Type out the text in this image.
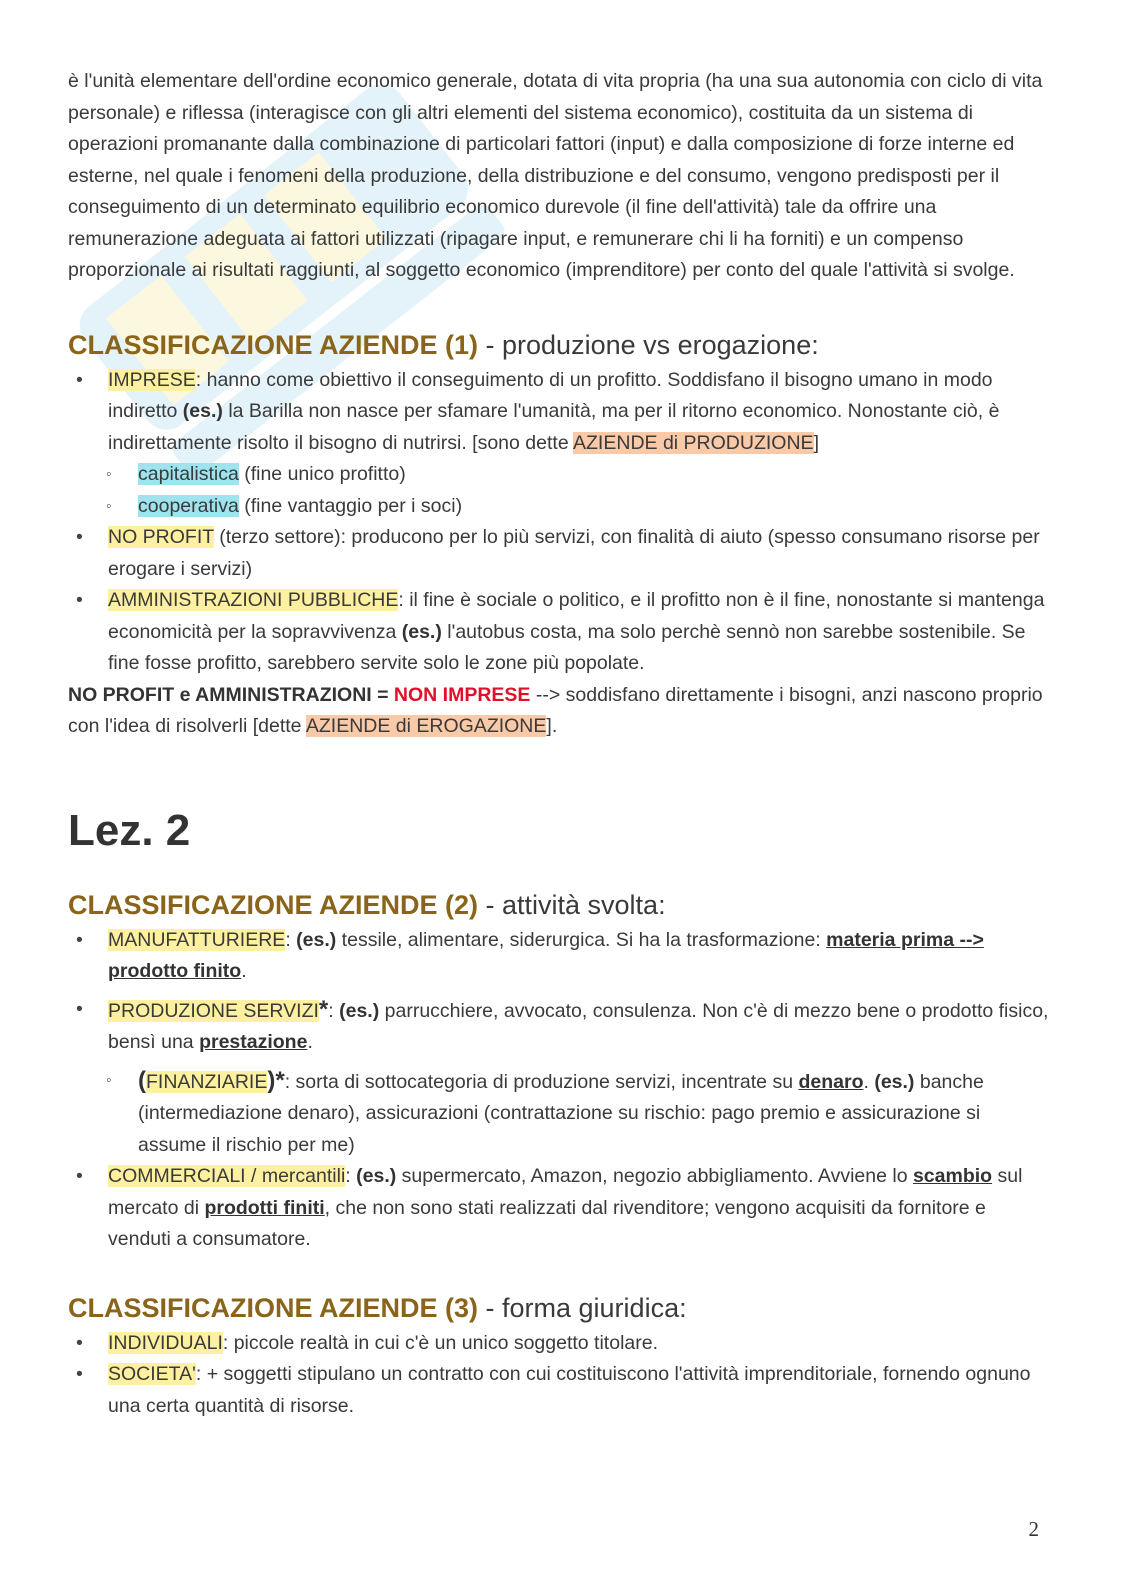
è l'unità elementare dell'ordine economico generale, dotata di vita propria (ha una sua autonomia con ciclo di vita personale) e riflessa (interagisce con gli altri elementi del sistema economico), costituita da un sistema di operazioni promanante dalla combinazione di particolari fattori (input) e dalla composizione di forze interne ed esterne, nel quale i fenomeni della produzione, della distribuzione e del consumo, vengono predisposti per il conseguimento di un determinato equilibrio economico durevole (il fine dell'attività) tale da offrire una remunerazione adeguata ai fattori utilizzati (ripagare input, e remunerare chi li ha forniti) e un compenso proporzionale ai risultati raggiunti, al soggetto economico (imprenditore) per conto del quale l'attività si svolge.

CLASSIFICAZIONE AZIENDE (1) - produzione vs erogazione:
• IMPRESE: hanno come obiettivo il conseguimento di un profitto. Soddisfano il bisogno umano in modo indiretto (es.) la Barilla non nasce per sfamare l'umanità, ma per il ritorno economico. Nonostante ciò, è indirettamente risolto il bisogno di nutrirsi. [sono dette AZIENDE di PRODUZIONE]
◦ capitalistica (fine unico profitto)
◦ cooperativa (fine vantaggio per i soci)
• NO PROFIT (terzo settore): producono per lo più servizi, con finalità di aiuto (spesso consumano risorse per erogare i servizi)
• AMMINISTRAZIONI PUBBLICHE: il fine è sociale o politico, e il profitto non è il fine, nonostante si mantenga economicità per la sopravvivenza (es.) l'autobus costa, ma solo perchè sennò non sarebbe sostenibile. Se fine fosse profitto, sarebbero servite solo le zone più popolate.

NO PROFIT e AMMINISTRAZIONI = NON IMPRESE --> soddisfano direttamente i bisogni, anzi nascono proprio con l'idea di risolverli [dette AZIENDE di EROGAZIONE].

Lez. 2
CLASSIFICAZIONE AZIENDE (2) - attività svolta:
• MANUFATTURIERE: (es.) tessile, alimentare, siderurgica. Si ha la trasformazione: materia prima --> prodotto finito.
• PRODUZIONE SERVIZI*: (es.) parrucchiere, avvocato, consulenza. Non c'è di mezzo bene o prodotto fisico, bensì una prestazione.
◦ (FINANZIARIE)*: sorta di sottocategoria di produzione servizi, incentrate su denaro. (es.) banche (intermediazione denaro), assicurazioni (contrattazione su rischio: pago premio e assicurazione si assume il rischio per me)
• COMMERCIALI / mercantili: (es.) supermercato, Amazon, negozio abbigliamento. Avviene lo scambio sul mercato di prodotti finiti, che non sono stati realizzati dal rivenditore; vengono acquisiti da fornitore e venduti a consumatore.
CLASSIFICAZIONE AZIENDE (3) - forma giuridica:
• INDIVIDUALI: piccole realtà in cui c'è un unico soggetto titolare.
• SOCIETA': + soggetti stipulano un contratto con cui costituiscono l'attività imprenditoriale, fornendo ognuno una certa quantità di risorse.
2
